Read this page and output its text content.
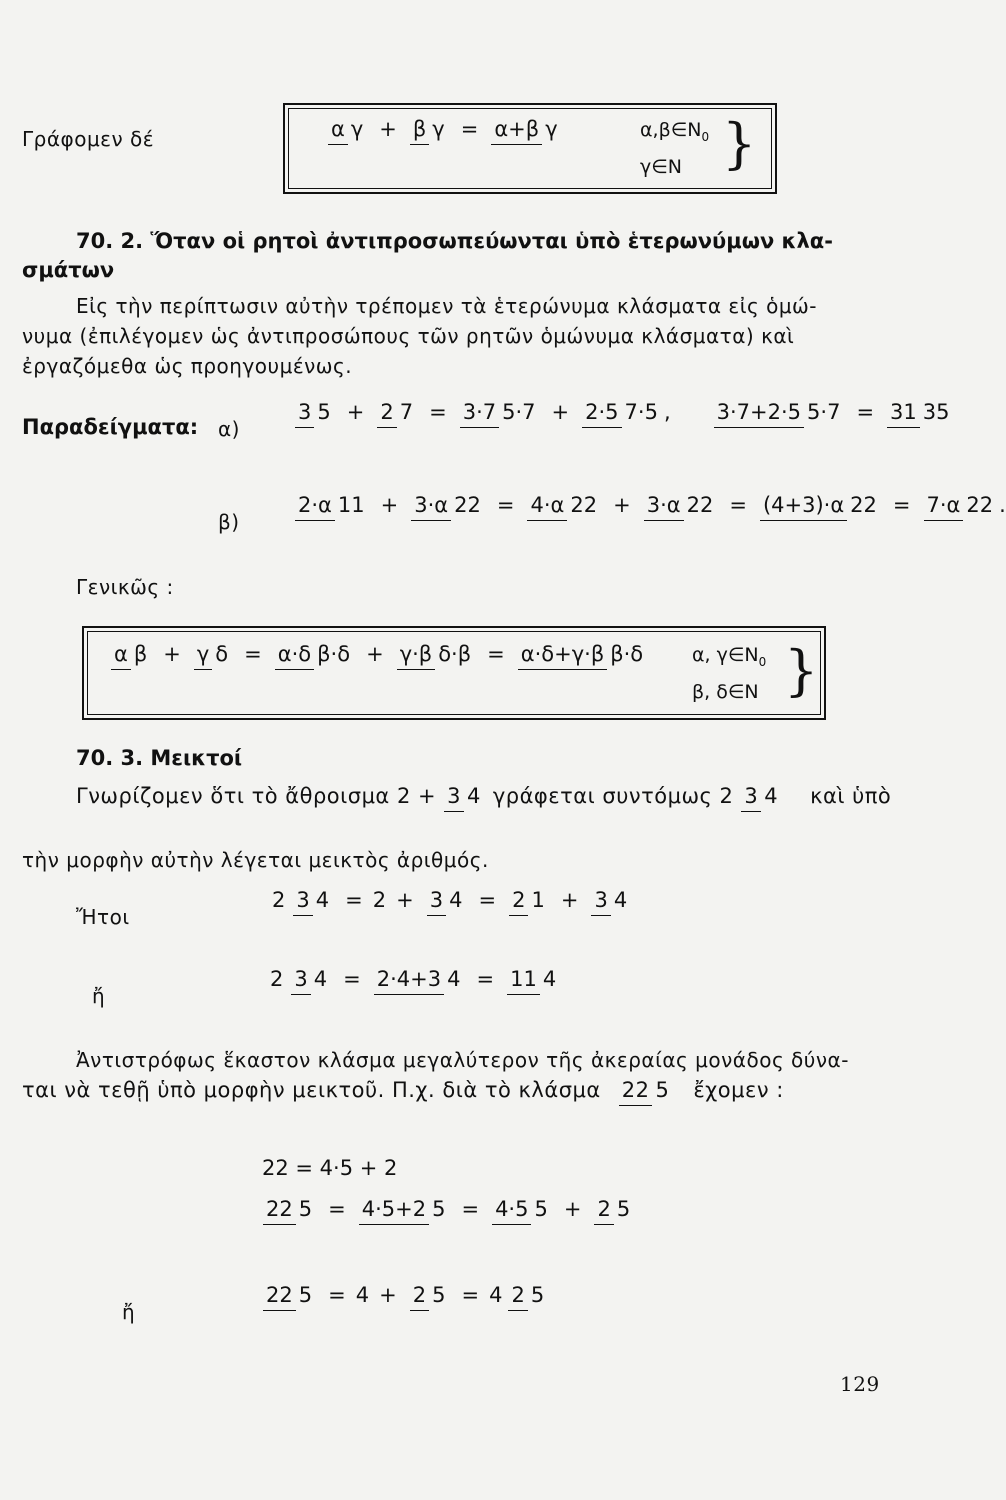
Γράφομεν δέ	α γ + β γ = α+β γ	$\alpha,\beta\in N_0$
γ∈N }
70. 2. Ὅταν οἱ ρητοὶ ἀντιπροσωπεύωνται ὑπὸ ἑτερωνύμων κλα-
σμάτων
Εἰς τὴν περίπτωσιν αὐτὴν τρέπομεν τὰ ἑτερώνυμα κλάσματα εἰς ὁμώ-
νυμα (ἐπιλέγομεν ὡς ἀντιπροσώπους τῶν ρητῶν ὁμώνυμα κλάσματα) καὶ
ἐργαζόμεθα ὡς προηγουμένως.
Παραδείγματα: α)
3 5 + 2 7 = 3·7 5·7 + 2·5 7·5 , 3·7+2·5 5·7 = 31 35
β)
2·α 11 + 3·α 22 = 4·α 22 + 3·α 22 = (4+3)·α 22 = 7·α 22 .
Γενικῶς :
α β + γ δ = α·δ β·δ + γ·β δ·β = α·δ+γ·β β·δ	α, $\gamma\in N_0$
β, δ∈N }
70. 3. Μεικτοί
Γνωρίζομεν ὅτι τὸ ἄθροισμα 2 + 3 4 γράφεται συντόμως 2 3 4 καὶ ὑπὸ
τὴν μορφὴν αὐτὴν λέγεται μεικτὸς ἀριθμός.
Ἤτοι
2 3 4 = 2 + 3 4 = 2 1 + 3 4
ἤ
2 3 4 = 2·4+3 4 = 11 4
Ἀντιστρόφως ἕκαστον κλάσμα μεγαλύτερον τῆς ἀκεραίας μονάδος δύνα-
ται νὰ τεθῇ ὑπὸ μορφὴν μεικτοῦ. Π.χ. διὰ τὸ κλάσμα 22 5 ἔχομεν :
22 = 4·5 + 2
22 5 = 4·5+2 5 = 4·5 5 + 2 5
ἤ
22 5 = 4 + 2 5 = 4 2 5
129
